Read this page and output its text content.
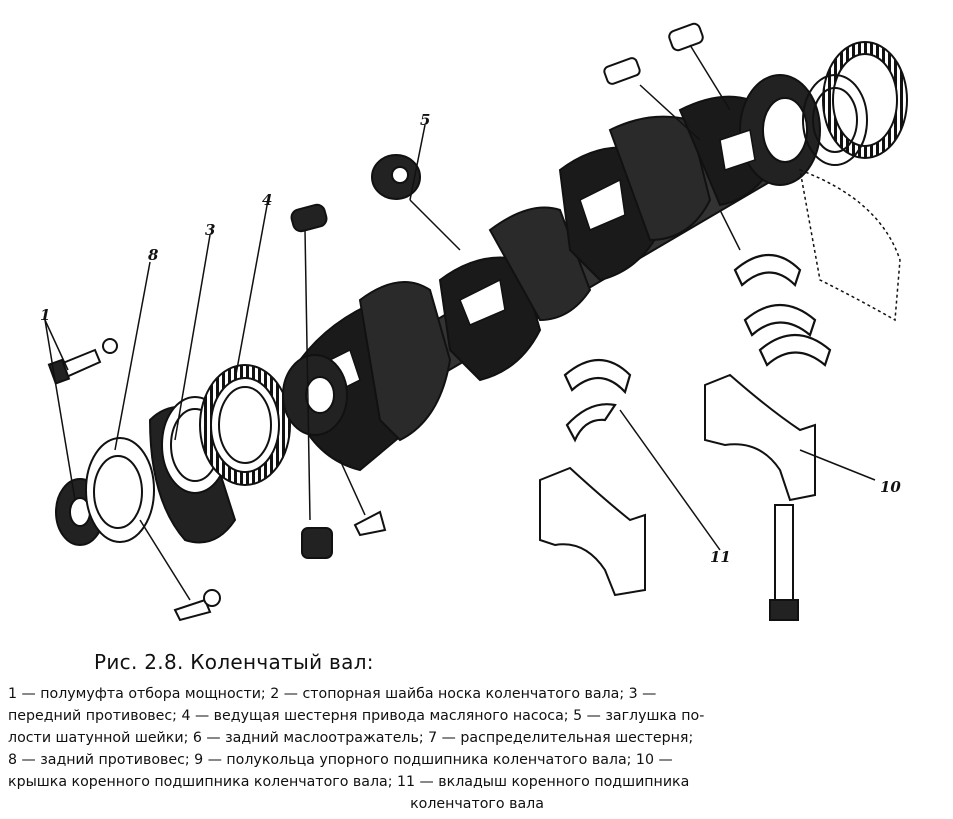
1
8
3
4
5
10
11
Рис. 2.8. Коленчатый вал:
1 — полумуфта отбора мощности; 2 — стопорная шайба носка коленчатого вала; 3 —
передний противовес; 4 — ведущая шестерня привода масляного насоса; 5 — заглушка по-
лости шатунной шейки; 6 — задний маслоотражатель; 7 — распределительная шестерня;
8 — задний противовес; 9 — полукольца упорного подшипника коленчатого вала; 10 —
крышка коренного подшипника коленчатого вала; 11 — вкладыш коренного подшипника
коленчатого вала
